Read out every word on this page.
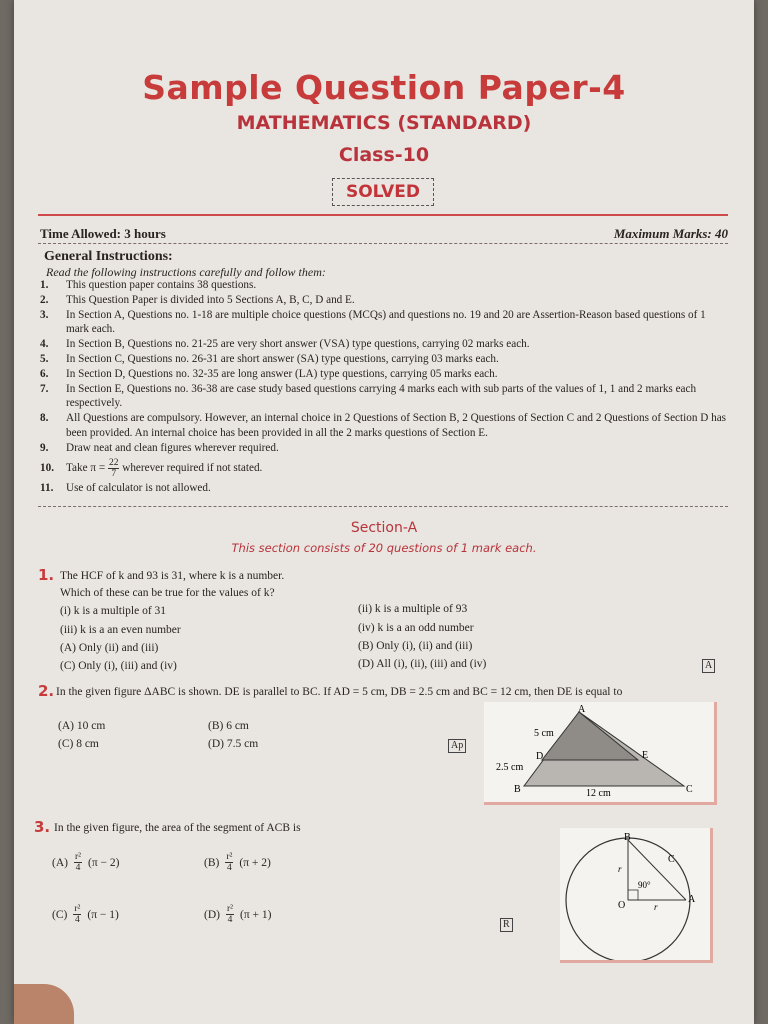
Sample Question Paper-4
MATHEMATICS (STANDARD)
Class-10
SOLVED
Time Allowed: 3 hours	Maximum Marks: 40
General Instructions:
Read the following instructions carefully and follow them:
1.	This question paper contains 38 questions.
2.	This Question Paper is divided into 5 Sections A, B, C, D and E.
3.	In Section A, Questions no. 1-18 are multiple choice questions (MCQs) and questions no. 19 and 20 are Assertion-Reason based questions of 1 mark each.
4.	In Section B, Questions no. 21-25 are very short answer (VSA) type questions, carrying 02 marks each.
5.	In Section C, Questions no. 26-31 are short answer (SA) type questions, carrying 03 marks each.
6.	In Section D, Questions no. 32-35 are long answer (LA) type questions, carrying 05 marks each.
7.	In Section E, Questions no. 36-38 are case study based questions carrying 4 marks each with sub parts of the values of 1, 1 and 2 marks each respectively.
8.	All Questions are compulsory. However, an internal choice in 2 Questions of Section B, 2 Questions of Section C and 2 Questions of Section D has been provided. An internal choice has been provided in all the 2 marks questions of Section E.
9.	Draw neat and clean figures wherever required.
10.	Take $\pi = \frac{22}{7}$ wherever required if not stated.
11.	Use of calculator is not allowed.
Section-A
This section consists of 20 questions of 1 mark each.
1. The HCF of k and 93 is 31, where k is a number.
Which of these can be true for the values of k?
(i) k is a multiple of 31	(ii) k is a multiple of 93
(iii) k is a an even number	(iv) k is a an odd number
(A) Only (ii) and (iii)	(B) Only (i), (ii) and (iii)
(C) Only (i), (iii) and (iv)	(D) All (i), (ii), (iii) and (iv)	A
2. In the given figure ΔABC is shown. DE is parallel to BC. If AD = 5 cm, DB = 2.5 cm and BC = 12 cm, then DE is equal to
(A) 10 cm	(B) 6 cm
(C) 8 cm	(D) 7.5 cm	Ap
A
B	C
D	E
5 cm
2.5 cm
12 cm
3. In the given figure, the area of the segment of ACB is
$(A) \frac{\text{r²}}{4} (\pi - 2)$	$(B) \frac{\text{r²}}{4} (\pi + 2)$
$(C) \frac{\text{r²}}{4} (\pi - 1)$	$(D) \frac{\text{r²}}{4} (\pi + 1)$
R
B
C
A
O
r
r
90°
